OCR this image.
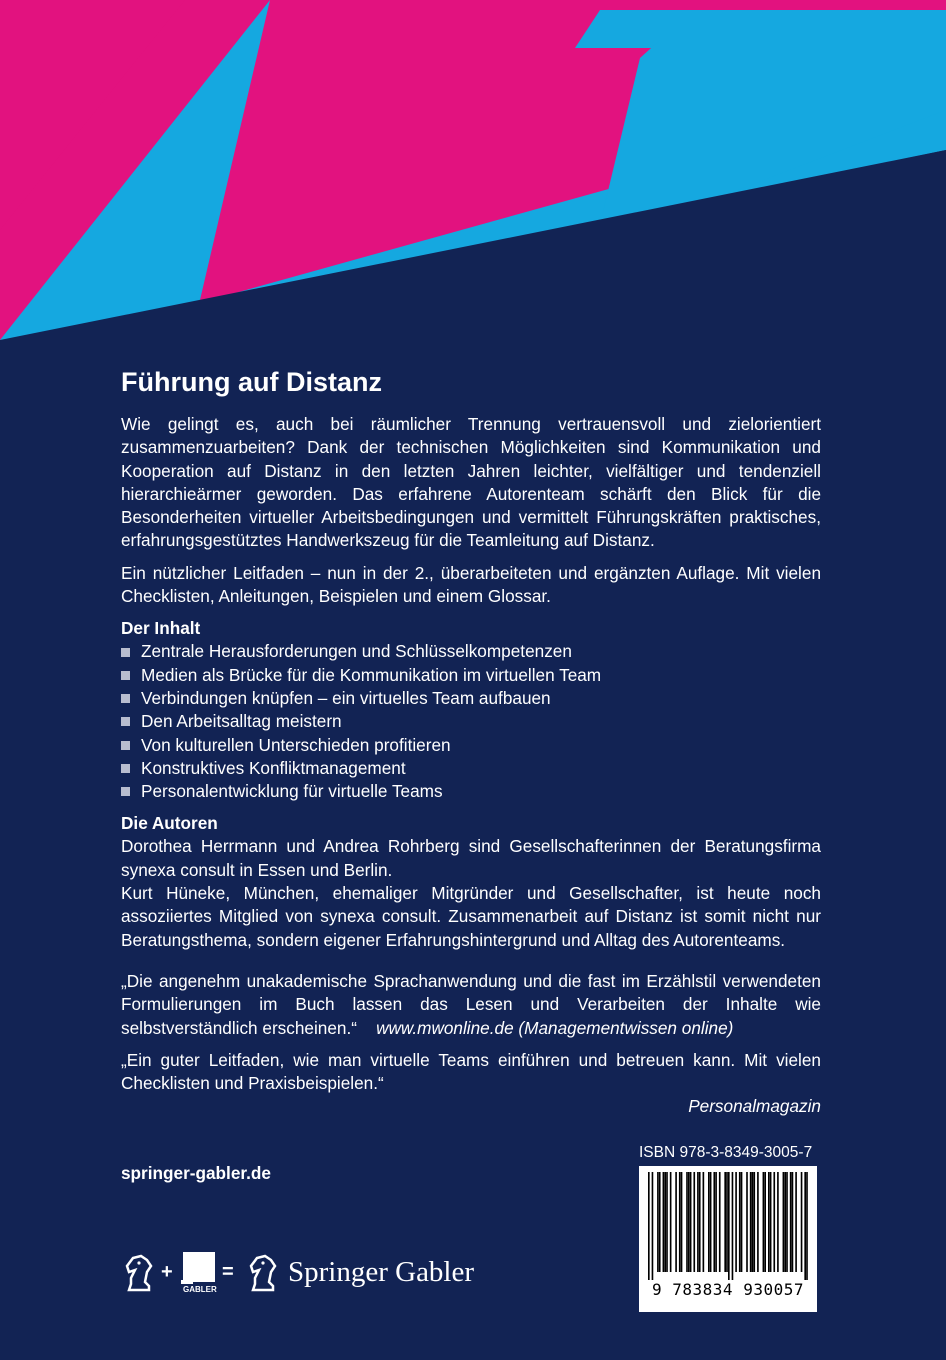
Führung auf Distanz

Wie gelingt es, auch bei räumlicher Trennung vertrauensvoll und zielorientiert zusammenzuarbeiten? Dank der technischen Möglichkeiten sind Kommunikation und Kooperation auf Distanz in den letzten Jahren leichter, vielfältiger und tendenziell hierarchieärmer geworden. Das erfahrene Autorenteam schärft den Blick für die Besonderheiten virtueller Arbeitsbedingungen und vermittelt Führungskräften praktisches, erfahrungsgestütztes Handwerkszeug für die Teamleitung auf Distanz.

Ein nützlicher Leitfaden – nun in der 2., überarbeiteten und ergänzten Auflage. Mit vielen Checklisten, Anleitungen, Beispielen und einem Glossar.

Der Inhalt
Zentrale Herausforderungen und Schlüsselkompetenzen
Medien als Brücke für die Kommunikation im virtuellen Team
Verbindungen knüpfen – ein virtuelles Team aufbauen
Den Arbeitsalltag meistern
Von kulturellen Unterschieden profitieren
Konstruktives Konfliktmanagement
Personalentwicklung für virtuelle Teams
Die Autoren

Dorothea Herrmann und Andrea Rohrberg sind Gesellschafterinnen der Beratungsfirma synexa consult in Essen und Berlin.

Kurt Hüneke, München, ehemaliger Mitgründer und Gesellschafter, ist heute noch assoziiertes Mitglied von synexa consult. Zusammenarbeit auf Distanz ist somit nicht nur Beratungsthema, sondern eigener Erfahrungshintergrund und Alltag des Autorenteams.

„Die angenehm unakademische Sprachanwendung und die fast im Erzählstil verwendeten Formulierungen im Buch lassen das Lesen und Verarbeiten der Inhalte wie selbstverständlich erscheinen.“ www.mwonline.de (Managementwissen online)
„Ein guter Leitfaden, wie man virtuelle Teams einführen und betreuen kann. Mit vielen Checklisten und Praxisbeispielen.“
Personalmagazin
springer-gabler.de
ISBN 978-3-8349-3005-7
9 783834 930057
+
GABLER
= Springer Gabler
